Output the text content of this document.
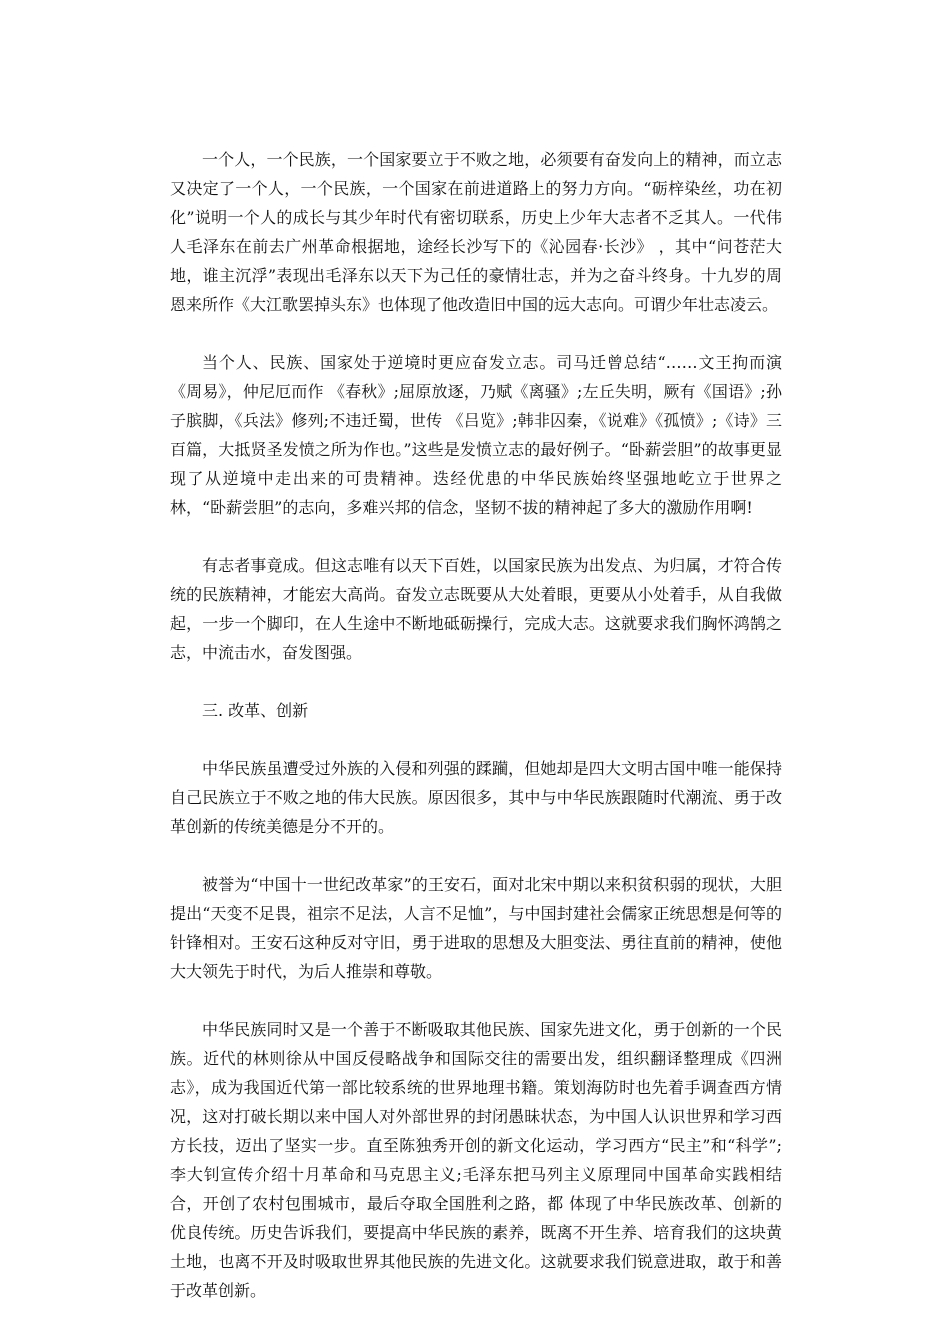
一个人，一个民族，一个国家要立于不败之地，必须要有奋发向上的精神，而立志又决定了一个人，一个民族，一个国家在前进道路上的努力方向。“砺梓染丝，功在初化”说明一个人的成长与其少年时代有密切联系，历史上少年大志者不乏其人。一代伟人毛泽东在前去广州革命根据地，途经长沙写下的《沁园春·长沙》 ，其中“问苍茫大地，谁主沉浮”表现出毛泽东以天下为己任的豪情壮志，并为之奋斗终身。十九岁的周恩来所作《大江歌罢掉头东》也体现了他改造旧中国的远大志向。可谓少年壮志凌云。

当个人、民族、国家处于逆境时更应奋发立志。司马迁曾总结“……文王拘而演《周易》，仲尼厄而作 《春秋》;屈原放逐，乃赋《离骚》;左丘失明，厥有《国语》;孙子膑脚，《兵法》修列;不违迁蜀，世传 《吕览》;韩非囚秦，《说难》《孤愤》;《诗》三百篇，大抵贤圣发愤之所为作也。”这些是发愤立志的最好例子。“卧薪尝胆”的故事更显现了从逆境中走出来的可贵精神。迭经优患的中华民族始终坚强地屹立于世界之林，“卧薪尝胆”的志向，多难兴邦的信念，坚韧不拔的精神起了多大的激励作用啊!

有志者事竟成。但这志唯有以天下百姓，以国家民族为出发点、为归属，才符合传统的民族精神，才能宏大高尚。奋发立志既要从大处着眼，更要从小处着手，从自我做起，一步一个脚印，在人生途中不断地砥砺操行，完成大志。这就要求我们胸怀鸿鹄之志，中流击水，奋发图强。

三. 改革、创新

中华民族虽遭受过外族的入侵和列强的蹂躏，但她却是四大文明古国中唯一能保持自己民族立于不败之地的伟大民族。原因很多，其中与中华民族跟随时代潮流、勇于改革创新的传统美德是分不开的。

被誉为“中国十一世纪改革家”的王安石，面对北宋中期以来积贫积弱的现状，大胆提出“天变不足畏，祖宗不足法，人言不足恤”，与中国封建社会儒家正统思想是何等的针锋相对。王安石这种反对守旧，勇于进取的思想及大胆变法、勇往直前的精神，使他大大领先于时代，为后人推崇和尊敬。

中华民族同时又是一个善于不断吸取其他民族、国家先进文化，勇于创新的一个民族。近代的林则徐从中国反侵略战争和国际交往的需要出发，组织翻译整理成《四洲志》，成为我国近代第一部比较系统的世界地理书籍。策划海防时也先着手调查西方情况，这对打破长期以来中国人对外部世界的封闭愚昧状态，为中国人认识世界和学习西方长技，迈出了坚实一步。直至陈独秀开创的新文化运动，学习西方“民主”和“科学”;李大钊宣传介绍十月革命和马克思主义;毛泽东把马列主义原理同中国革命实践相结合，开创了农村包围城市，最后夺取全国胜利之路，都 体现了中华民族改革、创新的优良传统。历史告诉我们，要提高中华民族的素养，既离不开生养、培育我们的这块黄土地，也离不开及时吸取世界其他民族的先进文化。这就要求我们锐意进取，敢于和善于改革创新。
